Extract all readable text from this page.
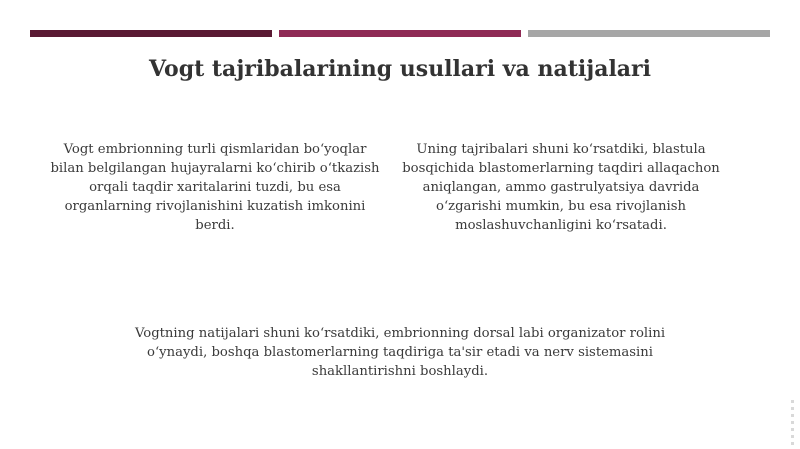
Vogt tajribalarining usullari va natijalari
Vogt embrionning turli qismlaridan bo‘yoqlar bilan belgilangan hujayralarni ko‘chirib o‘tkazish orqali taqdir xaritalarini tuzdi, bu esa organlarning rivojlanishini kuzatish imkonini berdi.
Uning tajribalari shuni ko‘rsatdiki, blastula bosqichida blastomerlarning taqdiri allaqachon aniqlangan, ammo gastrulyatsiya davrida o‘zgarishi mumkin, bu esa rivojlanish moslashuvchanligini ko‘rsatadi.
Vogtning natijalari shuni ko‘rsatdiki, embrionning dorsal labi organizator rolini o‘ynaydi, boshqa blastomerlarning taqdiriga ta'sir etadi va nerv sistemasini shakllantirishni boshlaydi.
